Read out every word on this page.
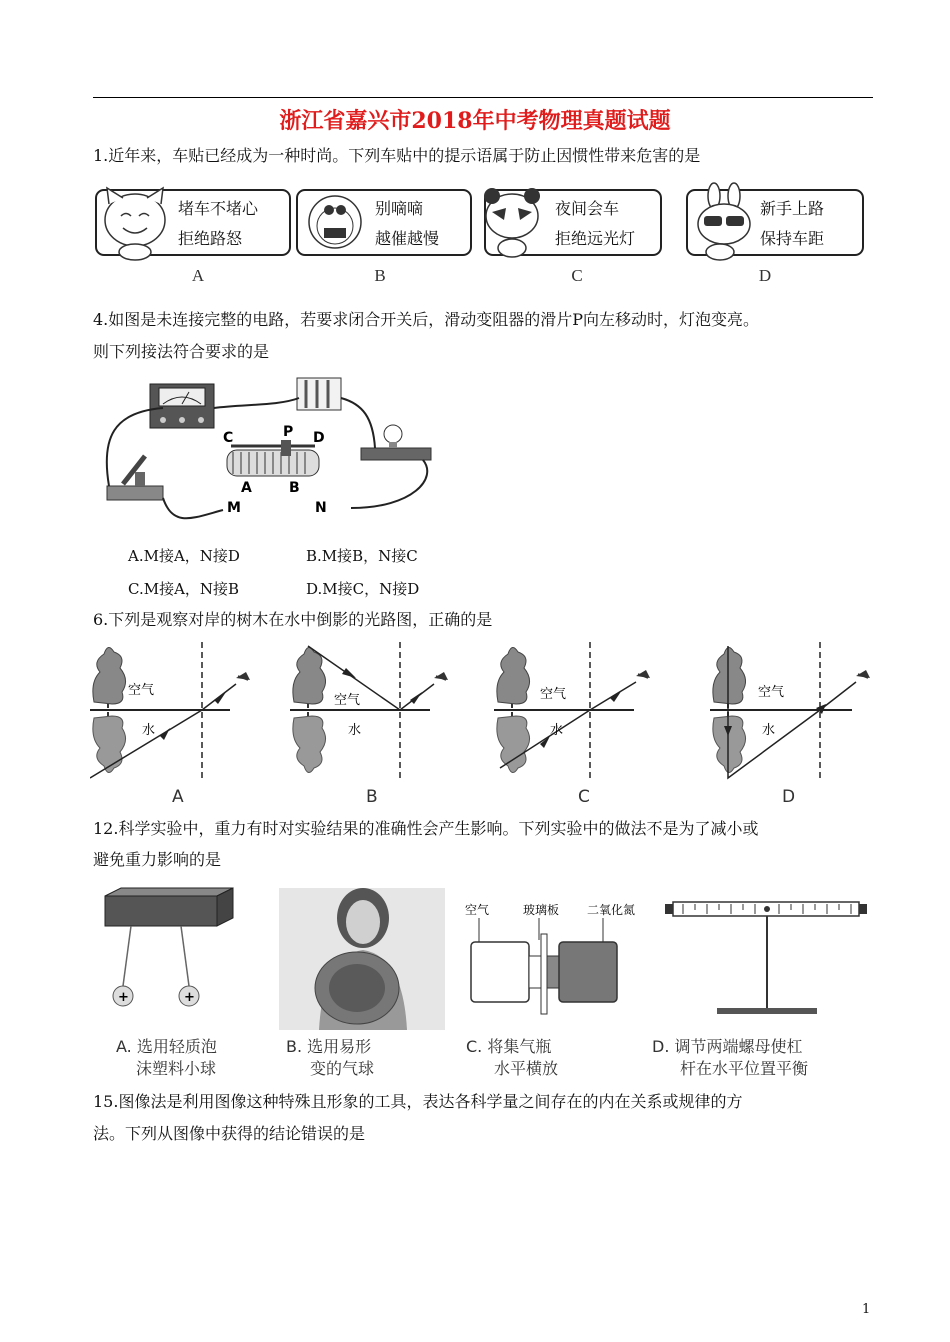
浙江省嘉兴市2018年中考物理真题试题
1.近年来，车贴已经成为一种时尚。下列车贴中的提示语属于防止因惯性带来危害的是
堵车不堵心
拒绝路怒
A
别嘀嘀
越催越慢
B
夜间会车
拒绝远光灯
C
新手上路
保持车距
D
4.如图是未连接完整的电路，若要求闭合开关后，滑动变阻器的滑片P向左移动时，灯泡变亮。
则下列接法符合要求的是
C	P D
A	B
M	N
A.M接A，N接D	B.M接B，N接C
C.M接A，N接B	D.M接C，N接D
6.下列是观察对岸的树木在水中倒影的光路图，正确的是
空气
水
A
空气
水
B
空气
水
C
空气
水
D
12.科学实验中，重力有时对实验结果的准确性会产生影响。下列实验中的做法不是为了减小或
避免重力影响的是
+	+
空气	玻璃板 二氧化氮
A. 选用轻质泡
沫塑料小球
B. 选用易形
变的气球
C. 将集气瓶
水平横放
D. 调节两端螺母使杠
杆在水平位置平衡
15.图像法是利用图像这种特殊且形象的工具，表达各科学量之间存在的内在关系或规律的方
法。下列从图像中获得的结论错误的是
1
